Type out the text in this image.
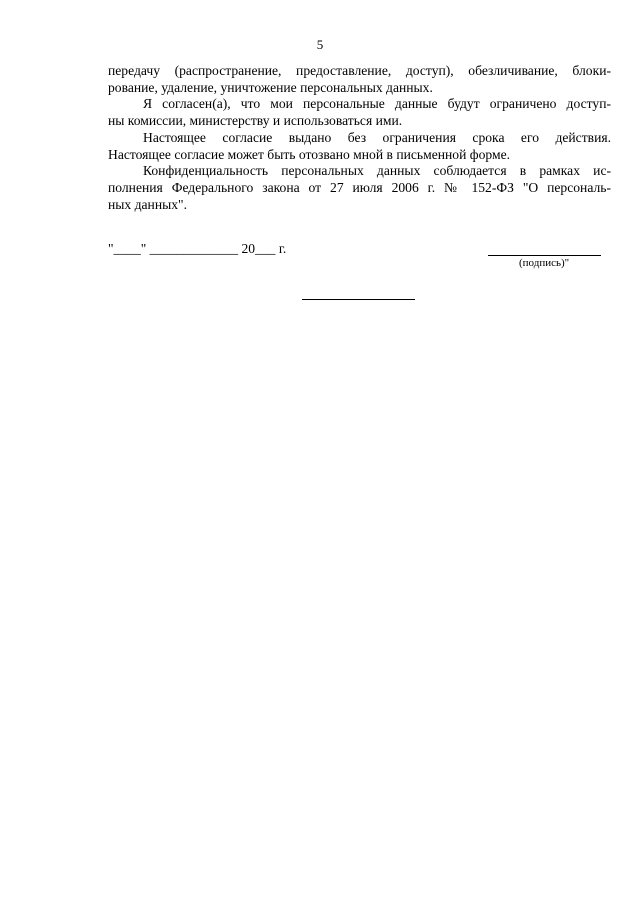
5
передачу (распространение, предоставление, доступ), обезличивание, блоки-
рование, удаление, уничтожение персональных данных.
Я согласен(а), что мои персональные данные будут ограничено доступ-
ны комиссии, министерству и использоваться ими.
Настоящее согласие выдано без ограничения срока его действия.
Настоящее согласие может быть отозвано мной в письменной форме.
Конфиденциальность персональных данных соблюдается в рамках ис-
полнения Федерального закона от 27 июля 2006 г. № 152-ФЗ "О персональ-
ных данных".
"____" _____________ 20___ г.
(подпись)"
